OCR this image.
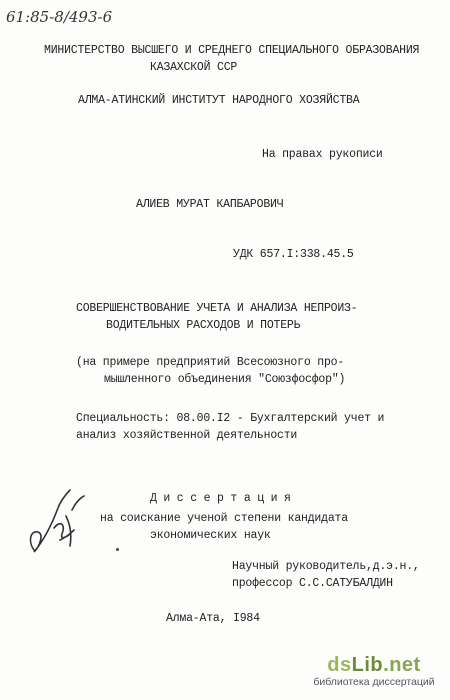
61:85-8/493-6
МИНИСТЕРСТВО ВЫСШЕГО И СРЕДНЕГО СПЕЦИАЛЬНОГО ОБРАЗОВАНИЯ
КАЗАХСКОЙ ССР
АЛМА-АТИНСКИЙ ИНСТИТУТ НАРОДНОГО ХОЗЯЙСТВА
На правах рукописи
АЛИЕВ МУРАТ КАПБАРОВИЧ
УДК 657.I:338.45.5
СОВЕРШЕНСТВОВАНИЕ УЧЕТА И АНАЛИЗА НЕПРОИЗ-
ВОДИТЕЛЬНЫХ РАСХОДОВ И ПОТЕРЬ
(на примере предприятий Всесоюзного про-
мышленного объединения "Союзфосфор")
Специальность: 08.00.I2 - Бухгалтерский учет и
анализ хозяйственной деятельности
Д и с с е р т а ц и я
на соискание ученой степени кандидата
экономических наук
Научный руководитель,д.э.н.,
профессор С.С.САТУБАЛДИН
Алма-Ата, I984
dsLib.net
библиотека диссертаций
